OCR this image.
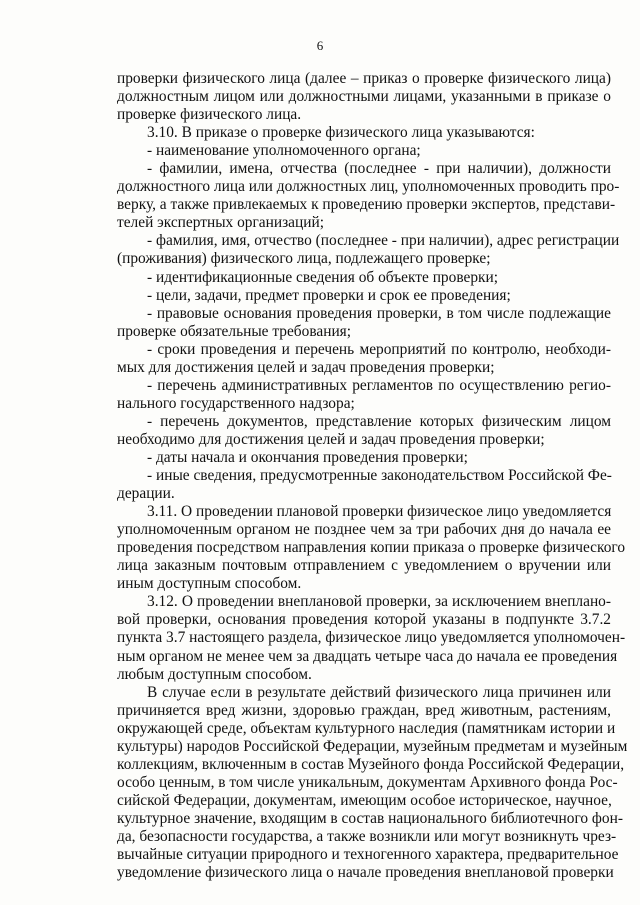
6
проверки физического лица (далее – приказ о проверке физического лица)
должностным лицом или должностными лицами, указанными в приказе о
проверке физического лица.
3.10. В приказе о проверке физического лица указываются:
- наименование уполномоченного органа;
- фамилии, имена, отчества (последнее - при наличии), должности
должностного лица или должностных лиц, уполномоченных проводить про-
верку, а также привлекаемых к проведению проверки экспертов, представи-
телей экспертных организаций;
- фамилия, имя, отчество (последнее - при наличии), адрес регистрации
(проживания) физического лица, подлежащего проверке;
- идентификационные сведения об объекте проверки;
- цели, задачи, предмет проверки и срок ее проведения;
- правовые основания проведения проверки, в том числе подлежащие
проверке обязательные требования;
- сроки проведения и перечень мероприятий по контролю, необходи-
мых для достижения целей и задач проведения проверки;
- перечень административных регламентов по осуществлению регио-
нального государственного надзора;
- перечень документов, представление которых физическим лицом
необходимо для достижения целей и задач проведения проверки;
- даты начала и окончания проведения проверки;
- иные сведения, предусмотренные законодательством Российской Фе-
дерации.
3.11. О проведении плановой проверки физическое лицо уведомляется
уполномоченным органом не позднее чем за три рабочих дня до начала ее
проведения посредством направления копии приказа о проверке физического
лица заказным почтовым отправлением с уведомлением о вручении или
иным доступным способом.
3.12. О проведении внеплановой проверки, за исключением внеплано-
вой проверки, основания проведения которой указаны в подпункте 3.7.2
пункта 3.7 настоящего раздела, физическое лицо уведомляется уполномочен-
ным органом не менее чем за двадцать четыре часа до начала ее проведения
любым доступным способом.
В случае если в результате действий физического лица причинен или
причиняется вред жизни, здоровью граждан, вред животным, растениям,
окружающей среде, объектам культурного наследия (памятникам истории и
культуры) народов Российской Федерации, музейным предметам и музейным
коллекциям, включенным в состав Музейного фонда Российской Федерации,
особо ценным, в том числе уникальным, документам Архивного фонда Рос-
сийской Федерации, документам, имеющим особое историческое, научное,
культурное значение, входящим в состав национального библиотечного фон-
да, безопасности государства, а также возникли или могут возникнуть чрез-
вычайные ситуации природного и техногенного характера, предварительное
уведомление физического лица о начале проведения внеплановой проверки
